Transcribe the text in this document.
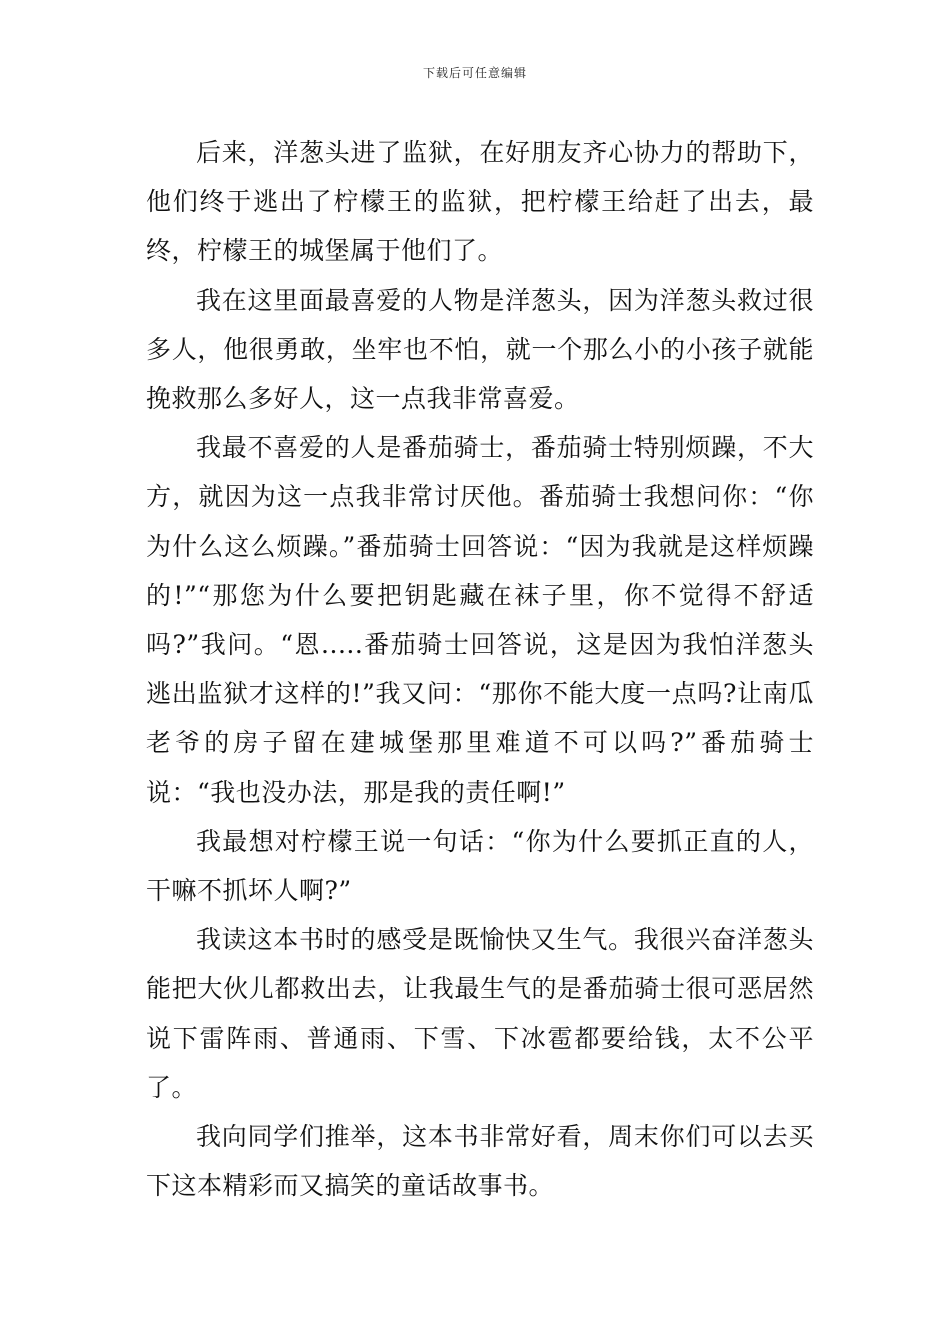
下载后可任意编辑

后来，洋葱头进了监狱，在好朋友齐心协力的帮助下，他们终于逃出了柠檬王的监狱，把柠檬王给赶了出去，最终，柠檬王的城堡属于他们了。

我在这里面最喜爱的人物是洋葱头，因为洋葱头救过很多人，他很勇敢，坐牢也不怕，就一个那么小的小孩子就能挽救那么多好人，这一点我非常喜爱。

我最不喜爱的人是番茄骑士，番茄骑士特别烦躁，不大方，就因为这一点我非常讨厌他。番茄骑士我想问你：“你为什么这么烦躁。”番茄骑士回答说：“因为我就是这样烦躁的!”“那您为什么要把钥匙藏在袜子里，你不觉得不舒适吗?”我问。“恩.....番茄骑士回答说，这是因为我怕洋葱头逃出监狱才这样的!”我又问：“那你不能大度一点吗?让南瓜老爷的房子留在建城堡那里难道不可以吗?”番茄骑士说：“我也没办法，那是我的责任啊!”

我最想对柠檬王说一句话：“你为什么要抓正直的人，干嘛不抓坏人啊?”

我读这本书时的感受是既愉快又生气。我很兴奋洋葱头能把大伙儿都救出去，让我最生气的是番茄骑士很可恶居然说下雷阵雨、普通雨、下雪、下冰雹都要给钱，太不公平了。

我向同学们推举，这本书非常好看，周末你们可以去买下这本精彩而又搞笑的童话故事书。
